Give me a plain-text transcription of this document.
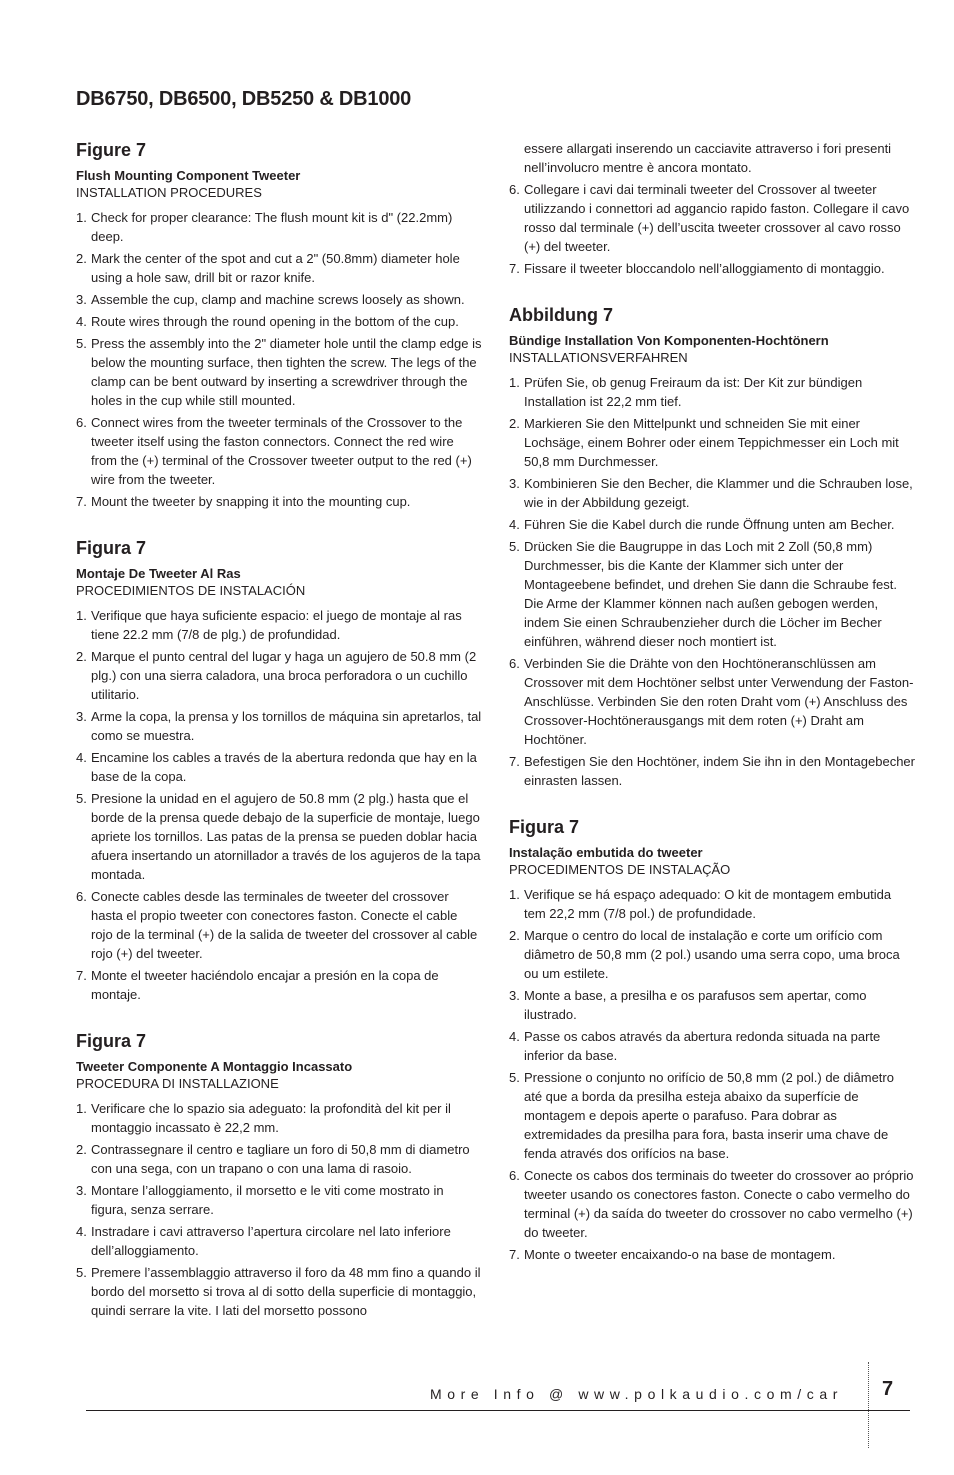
DB6750, DB6500, DB5250 & DB1000
Figure 7

Flush Mounting Component Tweeter

INSTALLATION PROCEDURES

1. Check for proper clearance: The flush mount kit is d" (22.2mm) deep.
2. Mark the center of the spot and cut a 2" (50.8mm) diameter hole using a hole saw, drill bit or razor knife.
3. Assemble the cup, clamp and machine screws loosely as shown.
4. Route wires through the round opening in the bottom of the cup.
5. Press the assembly into the 2" diameter hole until the clamp edge is below the mounting surface, then tighten the screw. The legs of the clamp can be bent outward by inserting a screwdriver through the holes in the cup while still mounted.
6. Connect wires from the tweeter terminals of the Crossover to the tweeter itself using the faston connectors. Connect the red wire from the (+) terminal of the Crossover tweeter output to the red (+) wire from the tweeter.
7. Mount the tweeter by snapping it into the mounting cup.
Figura 7

Montaje De Tweeter Al Ras

PROCEDIMIENTOS DE INSTALACIÓN

1. Verifique que haya suficiente espacio: el juego de montaje al ras tiene 22.2 mm (7/8 de plg.) de profundidad.
2. Marque el punto central del lugar y haga un agujero de 50.8 mm (2 plg.) con una sierra caladora, una broca perforadora o un cuchillo utilitario.
3. Arme la copa, la prensa y los tornillos de máquina sin apretarlos, tal como se muestra.
4. Encamine los cables a través de la abertura redonda que hay en la base de la copa.
5. Presione la unidad en el agujero de 50.8 mm (2 plg.) hasta que el borde de la prensa quede debajo de la superficie de montaje, luego apriete los tornillos. Las patas de la prensa se pueden doblar hacia afuera insertando un atornillador a través de los agujeros de la tapa montada.
6. Conecte cables desde las terminales de tweeter del crossover hasta el propio tweeter con conectores faston. Conecte el cable rojo de la terminal (+) de la salida de tweeter del crossover al cable rojo (+) del tweeter.
7. Monte el tweeter haciéndolo encajar a presión en la copa de montaje.
Figura 7

Tweeter Componente A Montaggio Incassato

PROCEDURA DI INSTALLAZIONE

1. Verificare che lo spazio sia adeguato: la profondità del kit per il montaggio incassato è 22,2 mm.
2. Contrassegnare il centro e tagliare un foro di 50,8 mm di diametro con una sega, con un trapano o con una lama di rasoio.
3. Montare l’alloggiamento, il morsetto e le viti come mostrato in figura, senza serrare.
4. Instradare i cavi attraverso l’apertura circolare nel lato inferiore dell’alloggiamento.
5. Premere l’assemblaggio attraverso il foro da 48 mm fino a quando il bordo del morsetto si trova al di sotto della superficie di montaggio, quindi serrare la vite. I lati del morsetto possono

essere allargati inserendo un cacciavite attraverso i fori presenti nell’involucro mentre è ancora montato.

6. Collegare i cavi dai terminali tweeter del Crossover al tweeter utilizzando i connettori ad aggancio rapido faston. Collegare il cavo rosso dal terminale (+) dell’uscita tweeter crossover al cavo rosso (+) del tweeter.
7. Fissare il tweeter bloccandolo nell’alloggiamento di montaggio.
Abbildung 7

Bündige Installation Von Komponenten-Hochtönern

INSTALLATIONSVERFAHREN

1. Prüfen Sie, ob genug Freiraum da ist: Der Kit zur bündigen Installation ist 22,2 mm tief.
2. Markieren Sie den Mittelpunkt und schneiden Sie mit einer Lochsäge, einem Bohrer oder einem Teppichmesser ein Loch mit 50,8 mm Durchmesser.
3. Kombinieren Sie den Becher, die Klammer und die Schrauben lose, wie in der Abbildung gezeigt.
4. Führen Sie die Kabel durch die runde Öffnung unten am Becher.
5. Drücken Sie die Baugruppe in das Loch mit 2 Zoll (50,8 mm) Durchmesser, bis die Kante der Klammer sich unter der Montageebene befindet, und drehen Sie dann die Schraube fest. Die Arme der Klammer können nach außen gebogen werden, indem Sie einen Schraubenzieher durch die Löcher im Becher einführen, während dieser noch montiert ist.
6. Verbinden Sie die Drähte von den Hochtöneranschlüssen am Crossover mit dem Hochtöner selbst unter Verwendung der Faston-Anschlüsse. Verbinden Sie den roten Draht vom (+) Anschluss des Crossover-Hochtönerausgangs mit dem roten (+) Draht am Hochtöner.
7. Befestigen Sie den Hochtöner, indem Sie ihn in den Montagebecher einrasten lassen.
Figura 7

Instalação embutida do tweeter

PROCEDIMENTOS DE INSTALAÇÃO

1. Verifique se há espaço adequado: O kit de montagem embutida tem 22,2 mm (7/8 pol.) de profundidade.
2. Marque o centro do local de instalação e corte um orifício com diâmetro de 50,8 mm (2 pol.) usando uma serra copo, uma broca ou um estilete.
3. Monte a base, a presilha e os parafusos sem apertar, como ilustrado.
4. Passe os cabos através da abertura redonda situada na parte inferior da base.
5. Pressione o conjunto no orifício de 50,8 mm (2 pol.) de diâmetro até que a borda da presilha esteja abaixo da superfície de montagem e depois aperte o parafuso. Para dobrar as extremidades da presilha para fora, basta inserir uma chave de fenda através dos orifícios na base.
6. Conecte os cabos dos terminais do tweeter do crossover ao próprio tweeter usando os conectores faston. Conecte o cabo vermelho do terminal (+) da saída do tweeter do crossover no cabo vermelho (+) do tweeter.
7. Monte o tweeter encaixando-o na base de montagem.
More Info @ www.polkaudio.com/car 7
